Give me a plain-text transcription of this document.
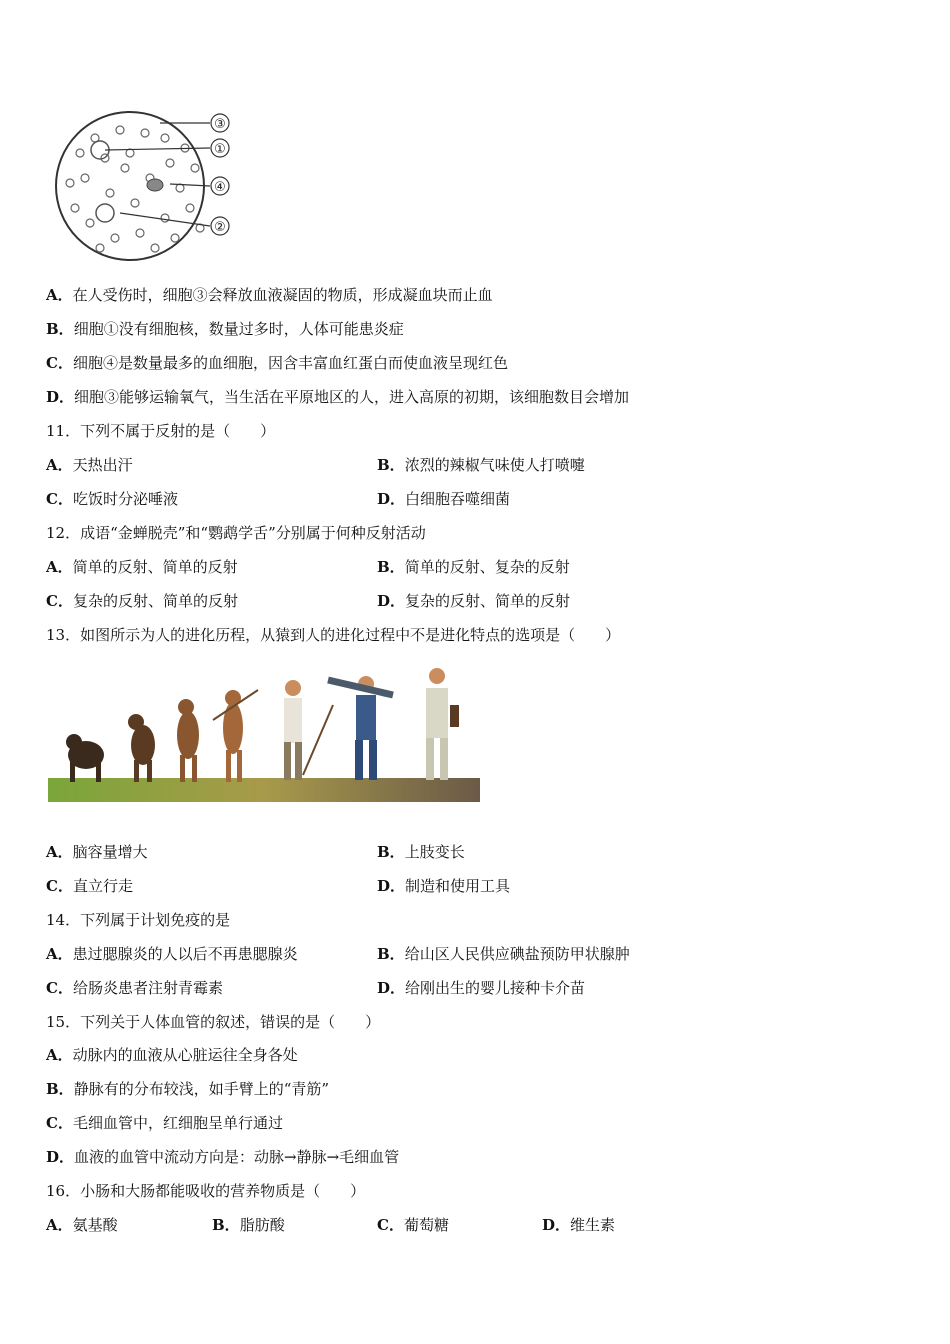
③
①
④
②
A．在人受伤时，细胞③会释放血液凝固的物质，形成凝血块而止血
B．细胞①没有细胞核，数量过多时，人体可能患炎症
C．细胞④是数量最多的血细胞，因含丰富血红蛋白而使血液呈现红色
D．细胞③能够运输氧气，当生活在平原地区的人，进入高原的初期，该细胞数目会增加
11．下列不属于反射的是（　　）
A．天热出汗	B．浓烈的辣椒气味使人打喷嚏
C．吃饭时分泌唾液	D．白细胞吞噬细菌
12．成语“金蝉脱壳”和“鹦鹉学舌”分别属于何种反射活动
A．简单的反射、简单的反射	B．简单的反射、复杂的反射
C．复杂的反射、简单的反射	D．复杂的反射、简单的反射
13．如图所示为人的进化历程，从猿到人的进化过程中不是进化特点的选项是（　　）
A．脑容量增大	B．上肢变长
C．直立行走	D．制造和使用工具
14．下列属于计划免疫的是
A．患过腮腺炎的人以后不再患腮腺炎	B．给山区人民供应碘盐预防甲状腺肿
C．给肠炎患者注射青霉素	D．给刚出生的婴儿接种卡介苗
15．下列关于人体血管的叙述，错误的是（　　）
A．动脉内的血液从心脏运往全身各处
B．静脉有的分布较浅，如手臂上的“青筋”
C．毛细血管中，红细胞呈单行通过
D．血液的血管中流动方向是：动脉→静脉→毛细血管
16．小肠和大肠都能吸收的营养物质是（　　）
A．氨基酸	B．脂肪酸	C．葡萄糖	D．维生素
